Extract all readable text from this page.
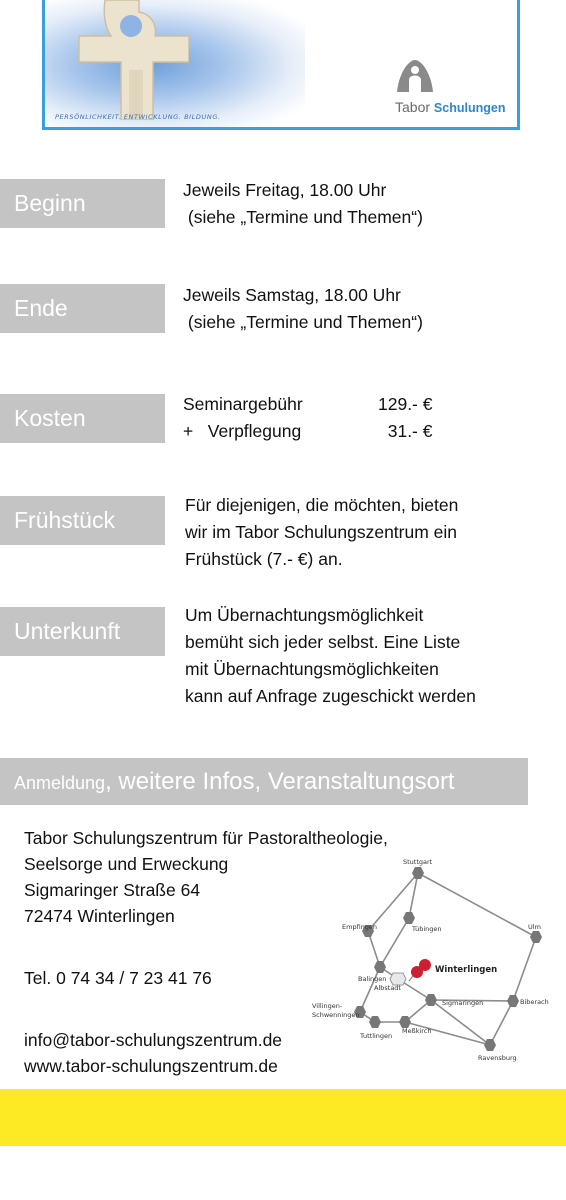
PERSÖNLICHKEIT. ENTWICKLUNG. BILDUNG.
Tabor Schulungen
Beginn	Jeweils Freitag, 18.00 Uhr
(siehe „Termine und Themen“)
Ende	Jeweils Samstag, 18.00 Uhr
(siehe „Termine und Themen“)
Kosten
Seminargebühr	129.- €
+   Verpflegung	31.- €
Frühstück
Für diejenigen, die möchten, bieten
wir im Tabor Schulungszentrum ein
Frühstück (7.- €) an.
Unterkunft
Um Übernachtungsmöglichkeit
bemüht sich jeder selbst. Eine Liste
mit Übernachtungsmöglichkeiten
kann auf Anfrage zugeschickt werden
Anmeldung, weitere Infos, Veranstaltungsort
Tabor Schulungszentrum für Pastoraltheologie,
Seelsorge und Erweckung
Sigmaringer Straße 64
72474 Winterlingen
Tel. 0 74 34 / 7 23 41 76
info@tabor-schulungszentrum.de
www.tabor-schulungszentrum.de
Stuttgart
Empfingen	Tübingen	Ulm
Balingen
Albstadt
Sigmaringen	Biberach
Villingen-
Schwenningen
Meßkirch
Tuttlingen
Ravensburg
Winterlingen
